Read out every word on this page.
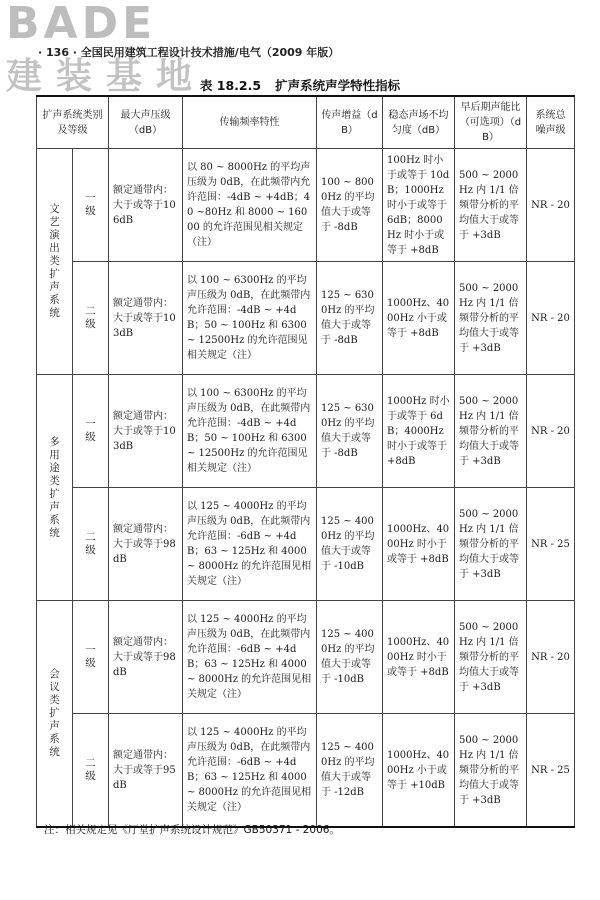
BADE
建装基地
· 136 · 全国民用建筑工程设计技术措施/电气（2009 年版）
表 18.2.5 扩声系统声学特性指标
扩声系统类别及等级		最大声压级（dB）	传输频率特性	传声增益（dB）	稳态声场不均匀度（dB）	早后期声能比（可选项）（dB）	系统总噪声级

文艺演出类扩声系统	一级	额定通带内：大于或等于106dB	以 80 ~ 8000Hz 的平均声压级为 0dB，在此频带内允许范围：-4dB ~ +4dB；40 ~80Hz 和 8000 ~ 16000 的允许范围见相关规定（注）	100 ~ 8000Hz 的平均值大于或等于 -8dB	100Hz 时小于或等于 10dB；1000Hz 时小于或等于 6dB；8000Hz 时小于或等于 +8dB	500 ~ 2000Hz 内 1/1 倍频带分析的平均值大于或等于 +3dB	NR - 20

	二级	额定通带内：大于或等于103dB	以 100 ~ 6300Hz 的平均声压级为 0dB，在此频带内允许范围：-4dB ~ +4dB；50 ~ 100Hz 和 6300 ~ 12500Hz 的允许范围见相关规定（注）	125 ~ 6300Hz 的平均值大于或等于 -8dB	1000Hz、4000Hz 小于或等于 +8dB	500 ~ 2000Hz 内 1/1 倍频带分析的平均值大于或等于 +3dB	NR - 20

多用途类扩声系统	一级	额定通带内：大于或等于103dB	以 100 ~ 6300Hz 的平均声压级为 0dB，在此频带内允许范围：-4dB ~ +4dB；50 ~ 100Hz 和 6300 ~ 12500Hz 的允许范围见相关规定（注）	125 ~ 6300Hz 的平均值大于或等于 -8dB	1000Hz 时小于或等于 6dB；4000Hz 时小于或等于 +8dB	500 ~ 2000Hz 内 1/1 倍频带分析的平均值大于或等于 +3dB	NR - 20

	二级	额定通带内：大于或等于98dB	以 125 ~ 4000Hz 的平均声压级为 0dB，在此频带内允许范围：-6dB ~ +4dB；63 ~ 125Hz 和 4000 ~ 8000Hz 的允许范围见相关规定（注）	125 ~ 4000Hz 的平均值大于或等于 -10dB	1000Hz、4000Hz 时小于或等于 +8dB	500 ~ 2000Hz 内 1/1 倍频带分析的平均值大于或等于 +3dB	NR - 25

会议类扩声系统	一级	额定通带内：大于或等于98dB	以 125 ~ 4000Hz 的平均声压级为 0dB，在此频带内允许范围：-6dB ~ +4dB；63 ~ 125Hz 和 4000 ~ 8000Hz 的允许范围见相关规定（注）	125 ~ 4000Hz 的平均值大于或等于 -10dB	1000Hz、4000Hz 时小于或等于 +8dB	500 ~ 2000Hz 内 1/1 倍频带分析的平均值大于或等于 +3dB	NR - 20

	二级	额定通带内：大于或等于95dB	以 125 ~ 4000Hz 的平均声压级为 0dB，在此频带内允许范围：-6dB ~ +4dB；63 ~ 125Hz 和 4000 ~ 8000Hz 的允许范围见相关规定（注）	125 ~ 4000Hz 的平均值大于或等于 -12dB	1000Hz、4000Hz 小于或等于 +10dB	500 ~ 2000Hz 内 1/1 倍频带分析的平均值大于或等于 +3dB	NR - 25
注：相关规定见《厅堂扩声系统设计规范》GB50371 - 2006。
